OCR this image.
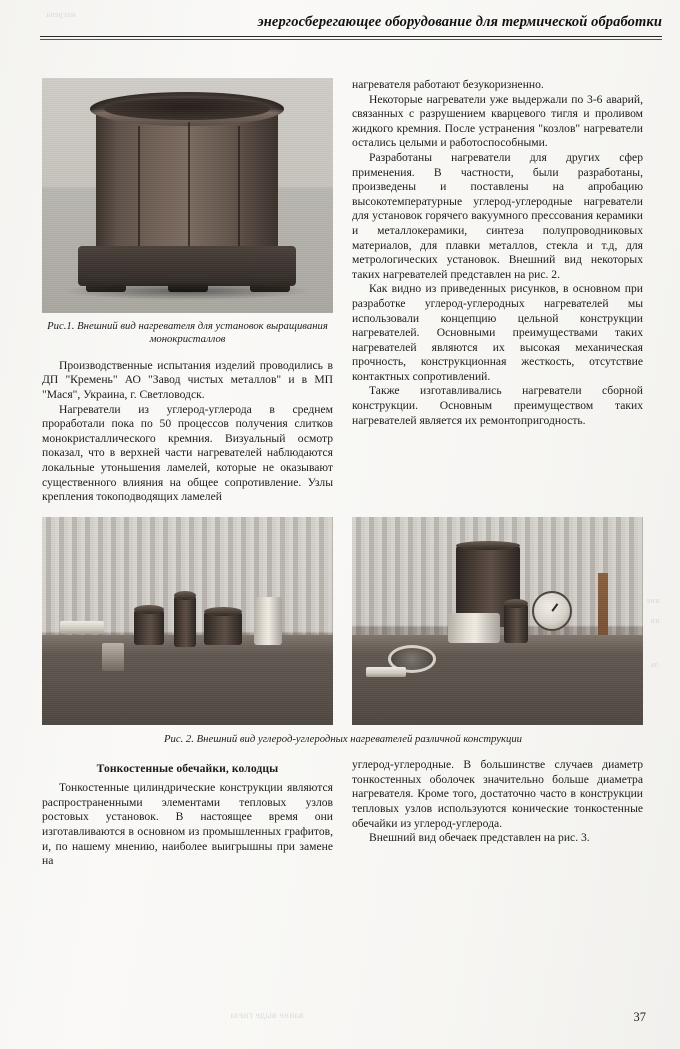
нагрева
ние
ни
ль
ванне выде гнеза
энергосберегающее оборудование для термической обработки
Рис.1. Внешний вид нагревателя для установок выращивания монокристаллов

Производственные испытания изделий проводились в ДП "Кремень" АО "Завод чистых металлов" и в МП "Мася", Украина, г. Светловодск.

Нагреватели из углерод-углерода в среднем проработали пока по 50 процессов получения слитков монокристаллического кремния. Визуальный осмотр показал, что в верхней части нагревателей наблюдаются локальные утоньшения ламелей, которые не оказывают существенного влияния на общее сопротивление. Узлы крепления токоподводящих ламелей

нагревателя работают безукоризненно.

Некоторые нагреватели уже выдержали по 3-6 аварий, связанных с разрушением кварцевого тигля и проливом жидкого кремния. После устранения "козлов" нагреватели остались целыми и работоспособными.

Разработаны нагреватели для других сфер применения. В частности, были разработаны, произведены и поставлены на апробацию высокотемпературные углерод-углеродные нагреватели для установок горячего вакуумного прессования керамики и металлокерамики, синтеза полупроводниковых материалов, для плавки металлов, стекла и т.д, для метрологических установок. Внешний вид некоторых таких нагревателей представлен на рис. 2.

Как видно из приведенных рисунков, в основном при разработке углерод-углеродных нагревателей мы использовали концепцию цельной конструкции нагревателей. Основными преимуществами таких нагревателей являются их высокая механическая прочность, конструкционная жесткость, отсутствие контактных сопротивлений.

Также изготавливались нагреватели сборной конструкции. Основным преимуществом таких нагревателей является их ремонтопригодность.

Рис. 2. Внешний вид углерод-углеродных нагревателей различной конструкции
Тонкостенные обечайки, колодцы

Тонкостенные цилиндрические конструкции являются распространенными элементами тепловых узлов ростовых установок. В настоящее время они изготавливаются в основном из промышленных графитов, и, по нашему мнению, наиболее выигрышны при замене на

углерод-углеродные. В большинстве случаев диаметр тонкостенных оболочек значительно больше диаметра нагревателя. Кроме того, достаточно часто в конструкции тепловых узлов используются конические тонкостенные обечайки из углерод-углерода.

Внешний вид обечаек представлен на рис. 3.

37
